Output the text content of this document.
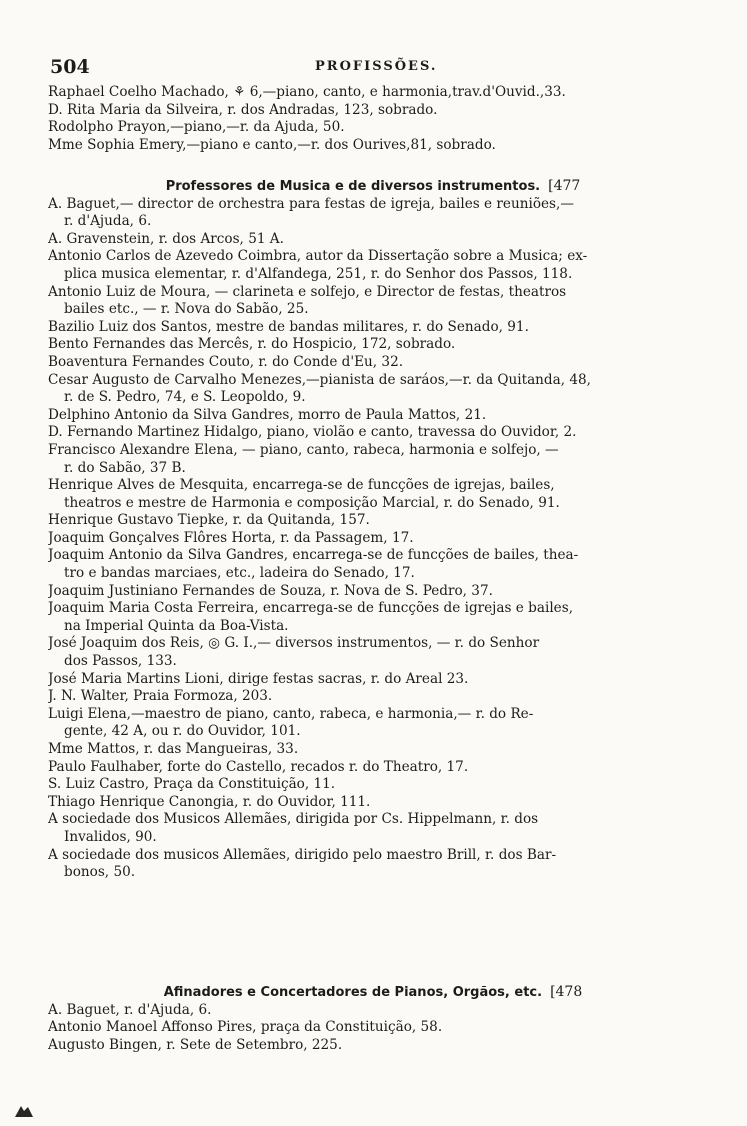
504	PROFISSÕES.
Raphael Coelho Machado, ⚘ 6,—piano, canto, e harmonia,trav.d'Ouvid.,33.
D. Rita Maria da Silveira, r. dos Andradas, 123, sobrado.
Rodolpho Prayon,—piano,—r. da Ajuda, 50.
Mme Sophia Emery,—piano e canto,—r. dos Ourives,81, sobrado.
Professores de Musica e de diversos instrumentos. [477
A. Baguet,— director de orchestra para festas de igreja, bailes e reuniões,—
r. d'Ajuda, 6.
A. Gravenstein, r. dos Arcos, 51 A.
Antonio Carlos de Azevedo Coimbra, autor da Dissertação sobre a Musica; ex-
plica musica elementar, r. d'Alfandega, 251, r. do Senhor dos Passos, 118.
Antonio Luiz de Moura, — clarineta e solfejo, e Director de festas, theatros
bailes etc., — r. Nova do Sabão, 25.
Bazilio Luiz dos Santos, mestre de bandas militares, r. do Senado, 91.
Bento Fernandes das Mercês, r. do Hospicio, 172, sobrado.
Boaventura Fernandes Couto, r. do Conde d'Eu, 32.
Cesar Augusto de Carvalho Menezes,—pianista de saráos,—r. da Quitanda, 48,
r. de S. Pedro, 74, e S. Leopoldo, 9.
Delphino Antonio da Silva Gandres, morro de Paula Mattos, 21.
D. Fernando Martinez Hidalgo, piano, violão e canto, travessa do Ouvidor, 2.
Francisco Alexandre Elena, — piano, canto, rabeca, harmonia e solfejo, —
r. do Sabão, 37 B.
Henrique Alves de Mesquita, encarrega-se de funcções de igrejas, bailes,
theatros e mestre de Harmonia e composição Marcial, r. do Senado, 91.
Henrique Gustavo Tiepke, r. da Quitanda, 157.
Joaquim Gonçalves Flôres Horta, r. da Passagem, 17.
Joaquim Antonio da Silva Gandres, encarrega-se de funcções de bailes, thea-
tro e bandas marciaes, etc., ladeira do Senado, 17.
Joaquim Justiniano Fernandes de Souza, r. Nova de S. Pedro, 37.
Joaquim Maria Costa Ferreira, encarrega-se de funcções de igrejas e bailes,
na Imperial Quinta da Boa-Vista.
José Joaquim dos Reis, ◎ G. I.,— diversos instrumentos, — r. do Senhor
dos Passos, 133.
José Maria Martins Lioni, dirige festas sacras, r. do Areal 23.
J. N. Walter, Praia Formoza, 203.
Luigi Elena,—maestro de piano, canto, rabeca, e harmonia,— r. do Re-
gente, 42 A, ou r. do Ouvidor, 101.
Mme Mattos, r. das Mangueiras, 33.
Paulo Faulhaber, forte do Castello, recados r. do Theatro, 17.
S. Luiz Castro, Praça da Constituição, 11.
Thiago Henrique Canongia, r. do Ouvidor, 111.
A sociedade dos Musicos Allemães, dirigida por Cs. Hippelmann, r. dos
Invalidos, 90.
A sociedade dos musicos Allemães, dirigido pelo maestro Brill, r. dos Bar-
bonos, 50.
Afinadores e Concertadores de Pianos, Orgãos, etc. [478
A. Baguet, r. d'Ajuda, 6.
Antonio Manoel Affonso Pires, praça da Constituição, 58.
Augusto Bingen, r. Sete de Setembro, 225.
